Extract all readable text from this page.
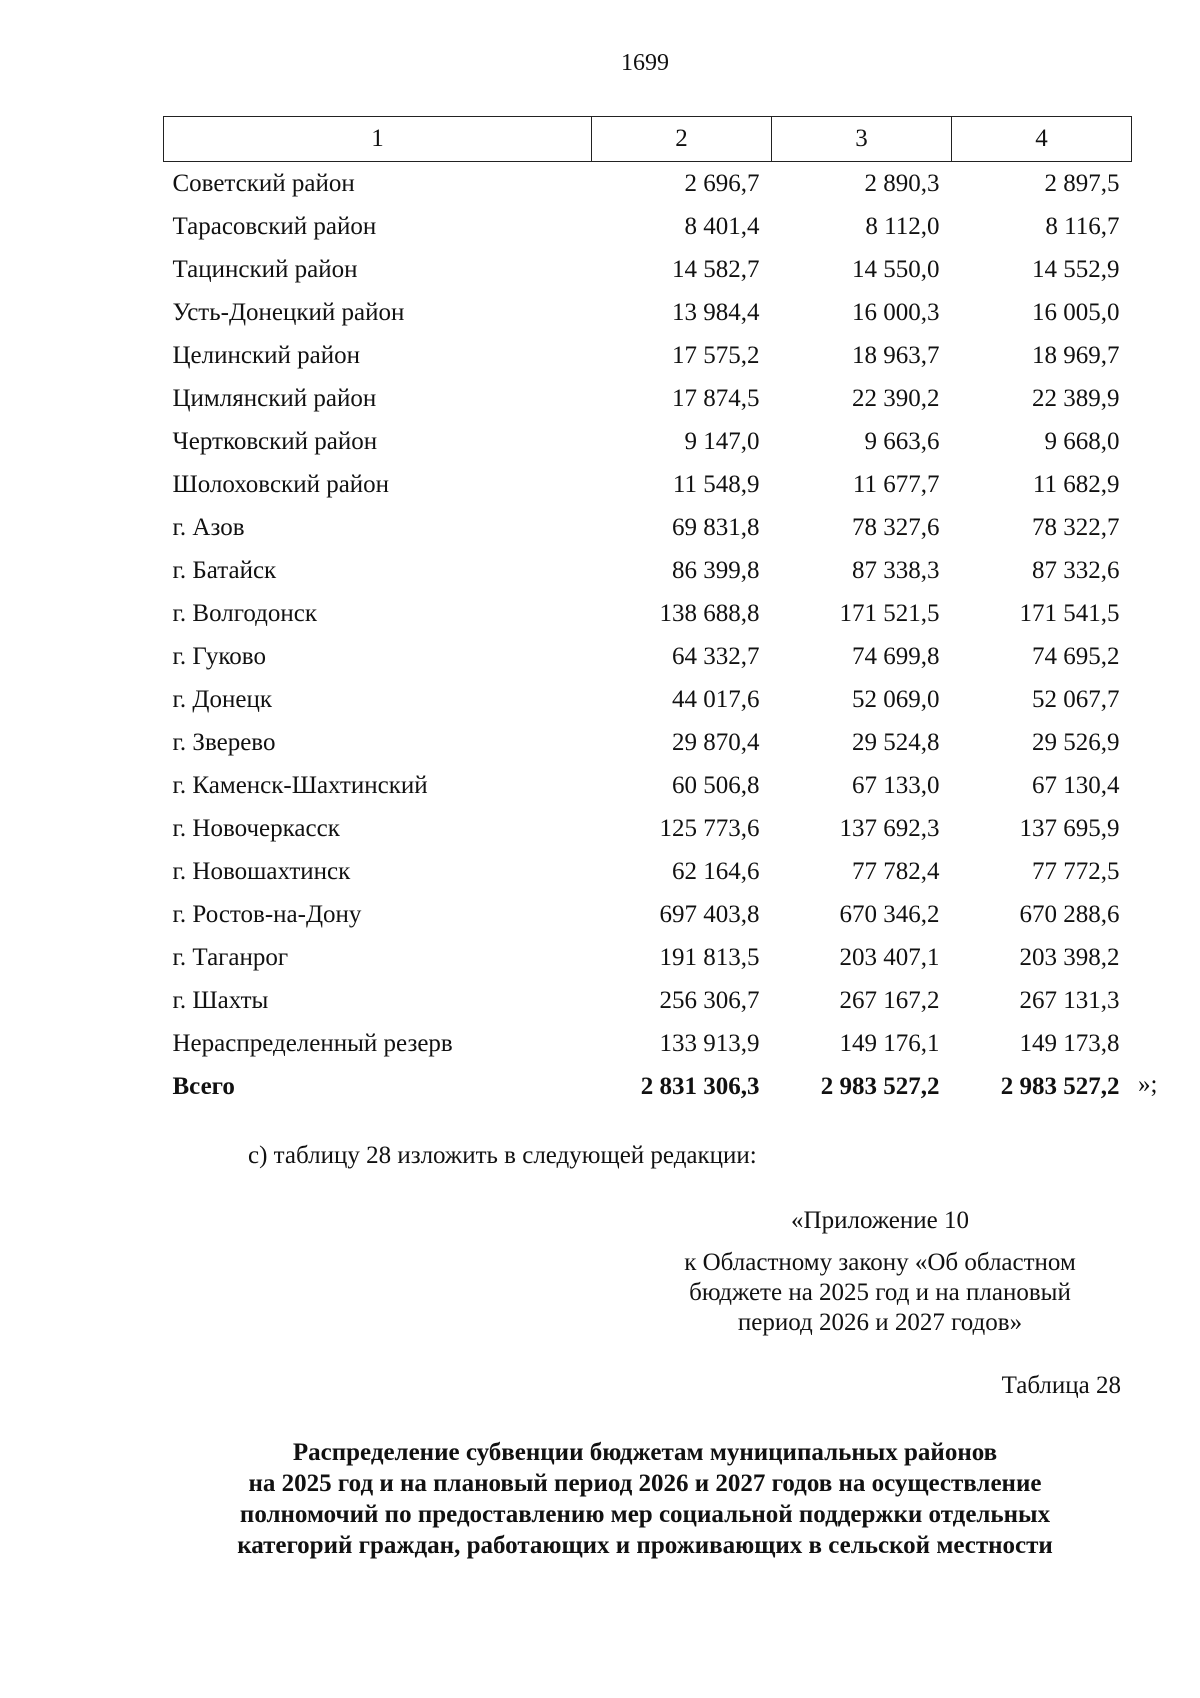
1699
1	2	3	4
Советский район	2 696,7	2 890,3	2 897,5
Тарасовский район	8 401,4	8 112,0	8 116,7
Тацинский район	14 582,7	14 550,0	14 552,9
Усть-Донецкий район	13 984,4	16 000,3	16 005,0
Целинский район	17 575,2	18 963,7	18 969,7
Цимлянский район	17 874,5	22 390,2	22 389,9
Чертковский район	9 147,0	9 663,6	9 668,0
Шолоховский район	11 548,9	11 677,7	11 682,9
г. Азов	69 831,8	78 327,6	78 322,7
г. Батайск	86 399,8	87 338,3	87 332,6
г. Волгодонск	138 688,8	171 521,5	171 541,5
г. Гуково	64 332,7	74 699,8	74 695,2
г. Донецк	44 017,6	52 069,0	52 067,7
г. Зверево	29 870,4	29 524,8	29 526,9
г. Каменск-Шахтинский	60 506,8	67 133,0	67 130,4
г. Новочеркасск	125 773,6	137 692,3	137 695,9
г. Новошахтинск	62 164,6	77 782,4	77 772,5
г. Ростов-на-Дону	697 403,8	670 346,2	670 288,6
г. Таганрог	191 813,5	203 407,1	203 398,2
г. Шахты	256 306,7	267 167,2	267 131,3
Нераспределенный резерв	133 913,9	149 176,1	149 173,8
Всего	2 831 306,3	2 983 527,2	2 983 527,2 »;
с) таблицу 28 изложить в следующей редакции:
«Приложение 10
к Областному закону «Об областном
бюджете на 2025 год и на плановый
период 2026 и 2027 годов»
Таблица 28
Распределение субвенции бюджетам муниципальных районов
на 2025 год и на плановый период 2026 и 2027 годов на осуществление
полномочий по предоставлению мер социальной поддержки отдельных
категорий граждан, работающих и проживающих в сельской местности
